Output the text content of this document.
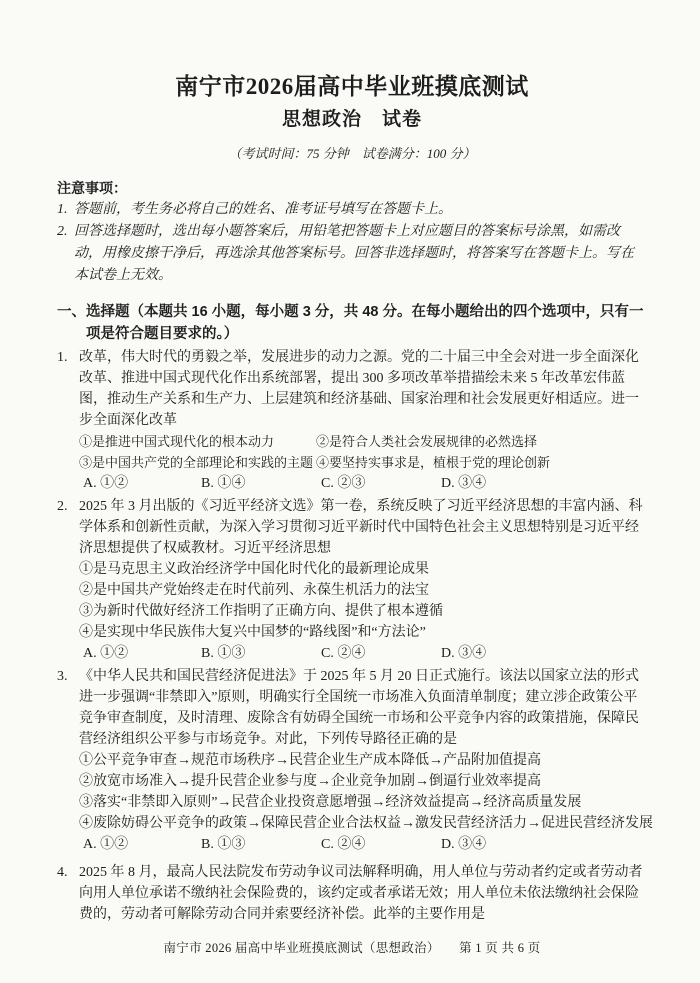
南宁市2026届高中毕业班摸底测试
思想政治　试卷

（考试时间：75 分钟　试卷满分：100 分）

注意事项：

1. 答题前，考生务必将自己的姓名、准考证号填写在答题卡上。
2. 回答选择题时，选出每小题答案后，用铅笔把答题卡上对应题目的答案标号涂黑，如需改动，用橡皮擦干净后，再选涂其他答案标号。回答非选择题时，将答案写在答题卡上。写在本试卷上无效。

一、选择题（本题共 16 小题，每小题 3 分，共 48 分。在每小题给出的四个选项中，只有一项是符合题目要求的。）

1. 改革，伟大时代的勇毅之举，发展进步的动力之源。党的二十届三中全会对进一步全面深化改革、推进中国式现代化作出系统部署，提出 300 多项改革举措描绘未来 5 年改革宏伟蓝图，推动生产关系和生产力、上层建筑和经济基础、国家治理和社会发展更好相适应。进一步全面深化改革
①是推进中国式现代化的根本动力	②是符合人类社会发展规律的必然选择
③是中国共产党的全部理论和实践的主题 ④要坚持实事求是，植根于党的理论创新
A. ①②	B. ①④	C. ②③	D. ③④
2. 2025 年 3 月出版的《习近平经济文选》第一卷，系统反映了习近平经济思想的丰富内涵、科学体系和创新性贡献，为深入学习贯彻习近平新时代中国特色社会主义思想特别是习近平经济思想提供了权威教材。习近平经济思想
①是马克思主义政治经济学中国化时代化的最新理论成果
②是中国共产党始终走在时代前列、永葆生机活力的法宝
③为新时代做好经济工作指明了正确方向、提供了根本遵循
④是实现中华民族伟大复兴中国梦的“路线图”和“方法论”
A. ①②	B. ①③	C. ②④	D. ③④
3. 《中华人民共和国民营经济促进法》于 2025 年 5 月 20 日正式施行。该法以国家立法的形式进一步强调“非禁即入”原则，明确实行全国统一市场准入负面清单制度；建立涉企政策公平竞争审查制度，及时清理、废除含有妨碍全国统一市场和公平竞争内容的政策措施，保障民营经济组织公平参与市场竞争。对此，下列传导路径正确的是
①公平竞争审查→规范市场秩序→民营企业生产成本降低→产品附加值提高
②放宽市场准入→提升民营企业参与度→企业竞争加剧→倒逼行业效率提高
③落实“非禁即入原则”→民营企业投资意愿增强→经济效益提高→经济高质量发展
④废除妨碍公平竞争的政策→保障民营企业合法权益→激发民营经济活力→促进民营经济发展
A. ①②	B. ①③	C. ②④	D. ③④
4. 2025 年 8 月，最高人民法院发布劳动争议司法解释明确，用人单位与劳动者约定或者劳动者向用人单位承诺不缴纳社会保险费的，该约定或者承诺无效；用人单位未依法缴纳社会保险费的，劳动者可解除劳动合同并索要经济补偿。此举的主要作用是
南宁市 2026 届高中毕业班摸底测试（思想政治）　　第 1 页 共 6 页
